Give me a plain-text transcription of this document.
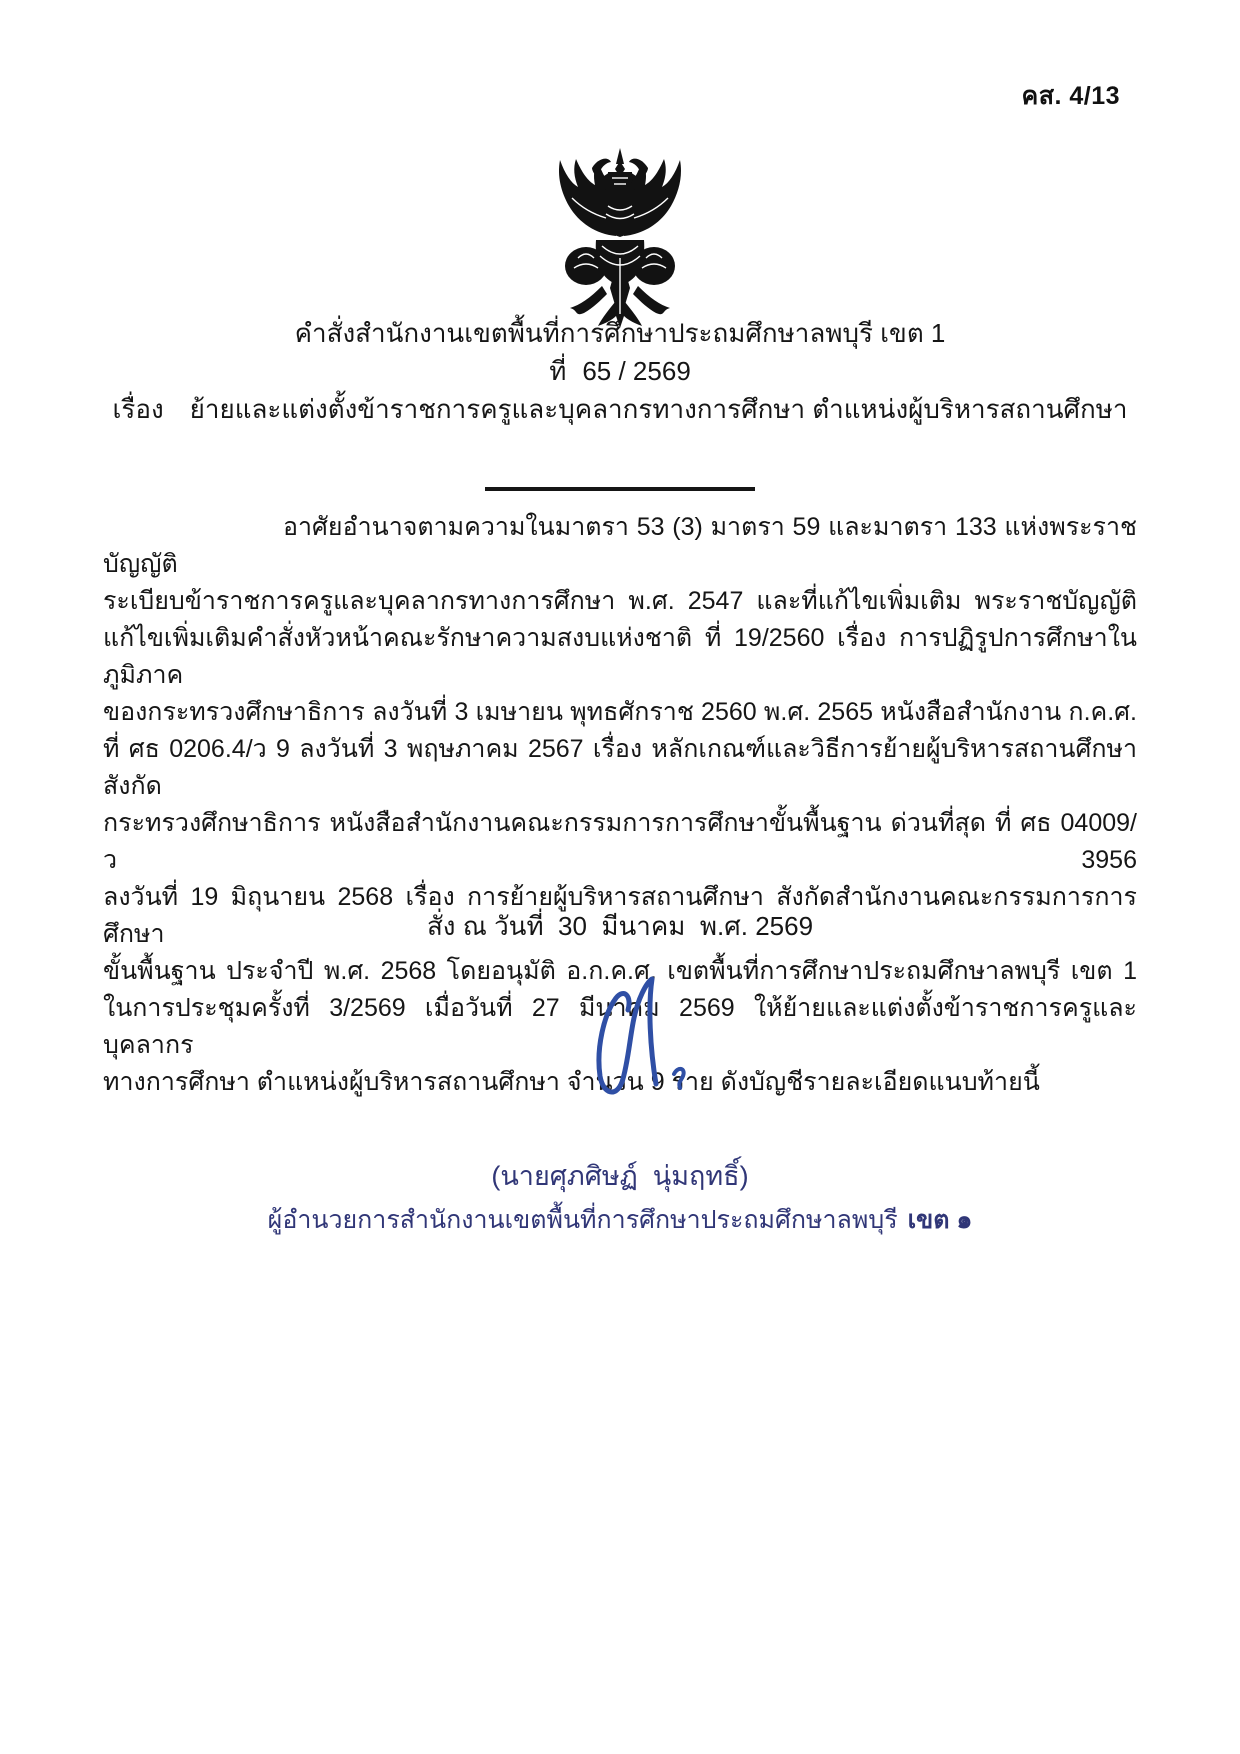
คส. 4/13
คำสั่งสำนักงานเขตพื้นที่การศึกษาประถมศึกษาลพบุรี เขต 1
ที่ 65 / 2569
เรื่อง ย้ายและแต่งตั้งข้าราชการครูและบุคลากรทางการศึกษา ตำแหน่งผู้บริหารสถานศึกษา
อาศัยอำนาจตามความในมาตรา 53 (3) มาตรา 59 และมาตรา 133 แห่งพระราชบัญญัติ
ระเบียบข้าราชการครูและบุคลากรทางการศึกษา พ.ศ. 2547 และที่แก้ไขเพิ่มเติม พระราชบัญญัติ
แก้ไขเพิ่มเติมคำสั่งหัวหน้าคณะรักษาความสงบแห่งชาติ ที่ 19/2560 เรื่อง การปฏิรูปการศึกษาในภูมิภาค
ของกระทรวงศึกษาธิการ ลงวันที่ 3 เมษายน พุทธศักราช 2560 พ.ศ. 2565 หนังสือสำนักงาน ก.ค.ศ.
ที่ ศธ 0206.4/ว 9 ลงวันที่ 3 พฤษภาคม 2567 เรื่อง หลักเกณฑ์และวิธีการย้ายผู้บริหารสถานศึกษา สังกัด
กระทรวงศึกษาธิการ หนังสือสำนักงานคณะกรรมการการศึกษาขั้นพื้นฐาน ด่วนที่สุด ที่ ศธ 04009/ว 3956
ลงวันที่ 19 มิถุนายน 2568 เรื่อง การย้ายผู้บริหารสถานศึกษา สังกัดสำนักงานคณะกรรมการการศึกษา
ขั้นพื้นฐาน ประจำปี พ.ศ. 2568 โดยอนุมัติ อ.ก.ค.ศ. เขตพื้นที่การศึกษาประถมศึกษาลพบุรี เขต 1
ในการประชุมครั้งที่ 3/2569 เมื่อวันที่ 27 มีนาคม 2569 ให้ย้ายและแต่งตั้งข้าราชการครูและบุคลากร
ทางการศึกษา ตำแหน่งผู้บริหารสถานศึกษา จำนวน 9 ราย ดังบัญชีรายละเอียดแนบท้ายนี้
สั่ง ณ วันที่  30  มีนาคม  พ.ศ. 2569
(นายศุภศิษฏ์  นุ่มฤทธิ์)
ผู้อำนวยการสำนักงานเขตพื้นที่การศึกษาประถมศึกษาลพบุรี เขต ๑
